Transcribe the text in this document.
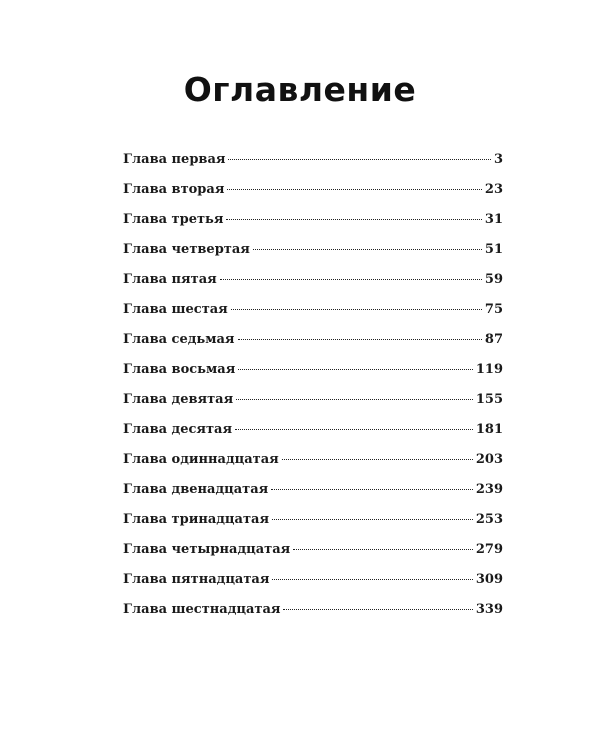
Оглавление
Глава первая	3
Глава вторая	23
Глава третья	31
Глава четвертая	51
Глава пятая	59
Глава шестая	75
Глава седьмая	87
Глава восьмая	119
Глава девятая	155
Глава десятая	181
Глава одиннадцатая	203
Глава двенадцатая	239
Глава тринадцатая	253
Глава четырнадцатая	279
Глава пятнадцатая	309
Глава шестнадцатая	339
